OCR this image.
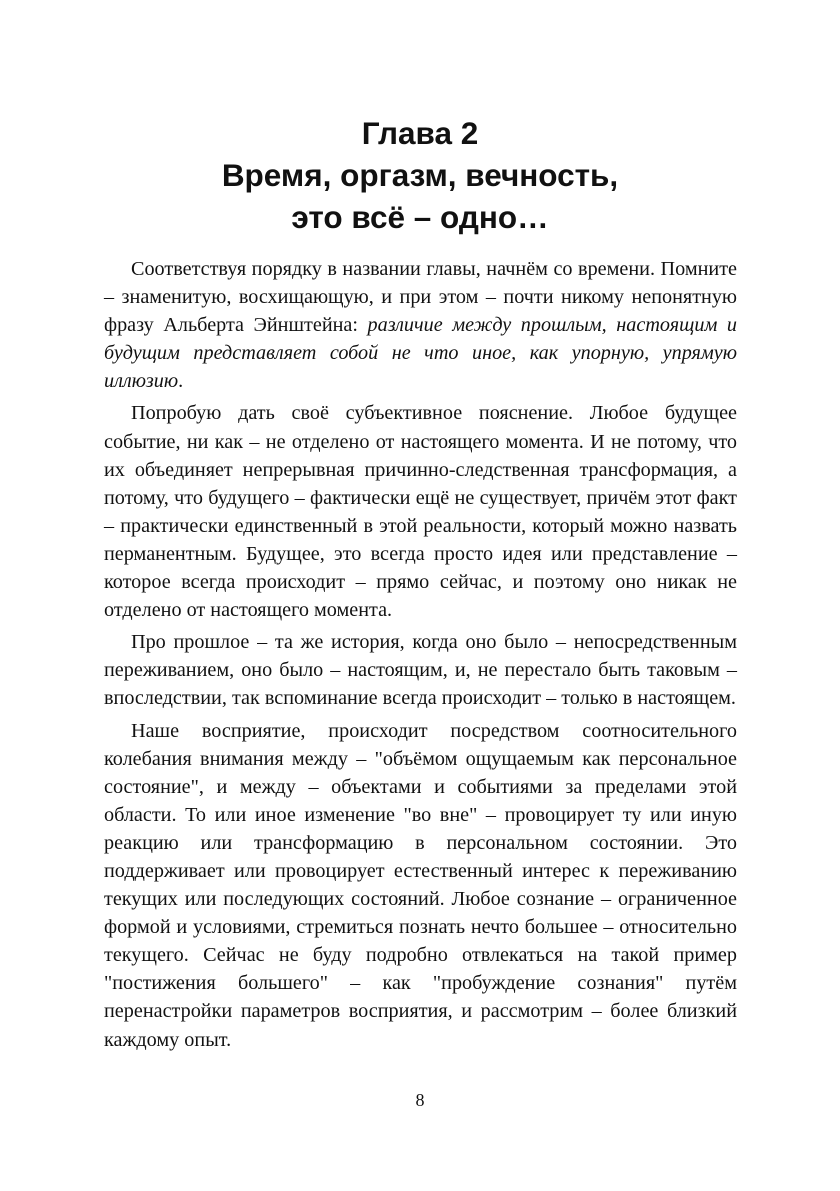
Глава 2
Время, оргазм, вечность,
это всё – одно…

Соответствуя порядку в названии главы, начнём со времени. Помните – знаменитую, восхищающую, и при этом – почти никому непонятную фразу Альберта Эйнштейна: различие между прошлым, настоящим и будущим представляет собой не что иное, как упорную, упрямую иллюзию.

Попробую дать своё субъективное пояснение. Любое будущее событие, ни как – не отделено от настоящего момента. И не потому, что их объединяет непрерывная причинно-следственная трансформация, а потому, что будущего – фактически ещё не существует, причём этот факт – практически единственный в этой реальности, который можно назвать перманентным. Будущее, это всегда просто идея или представление – которое всегда происходит – прямо сейчас, и поэтому оно никак не отделено от настоящего момента.

Про прошлое – та же история, когда оно было – непосредственным переживанием, оно было – настоящим, и, не перестало быть таковым – впоследствии, так вспоминание всегда происходит – только в настоящем.

Наше восприятие, происходит посредством соотносительного колебания внимания между – "объёмом ощущаемым как персональное состояние", и между – объектами и событиями за пределами этой области. То или иное изменение "во вне" – провоцирует ту или иную реакцию или трансформацию в персональном состоянии. Это поддерживает или провоцирует естественный интерес к переживанию текущих или последующих состояний. Любое сознание – ограниченное формой и условиями, стремиться познать нечто большее – относительно текущего. Сейчас не буду подробно отвлекаться на такой пример "постижения большего" – как "пробуждение сознания" путём перенастройки параметров восприятия, и рассмотрим – более близкий каждому опыт.

8
